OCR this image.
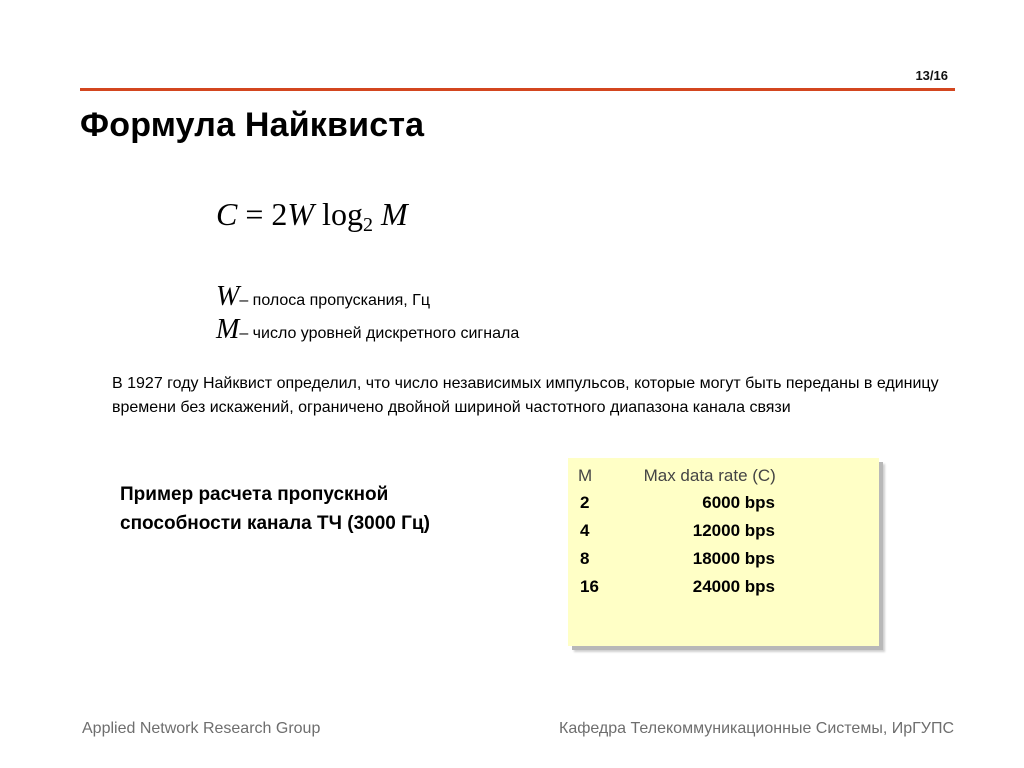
13/16
Формула Найквиста
C = 2W $\log_2 M$
W– полоса пропускания, Гц
M– число уровней дискретного сигнала
В 1927 году Найквист определил, что число независимых импульсов, которые могут быть переданы в единицу времени без искажений, ограничено двойной шириной частотного диапазона канала связи
Пример расчета пропускной
способности канала ТЧ (3000 Гц)
M	Max data rate (C)
2	6000 bps
4	12000 bps
8	18000 bps
16	24000 bps
Applied Network Research Group	Кафедра Телекоммуникационные Системы, ИрГУПС
